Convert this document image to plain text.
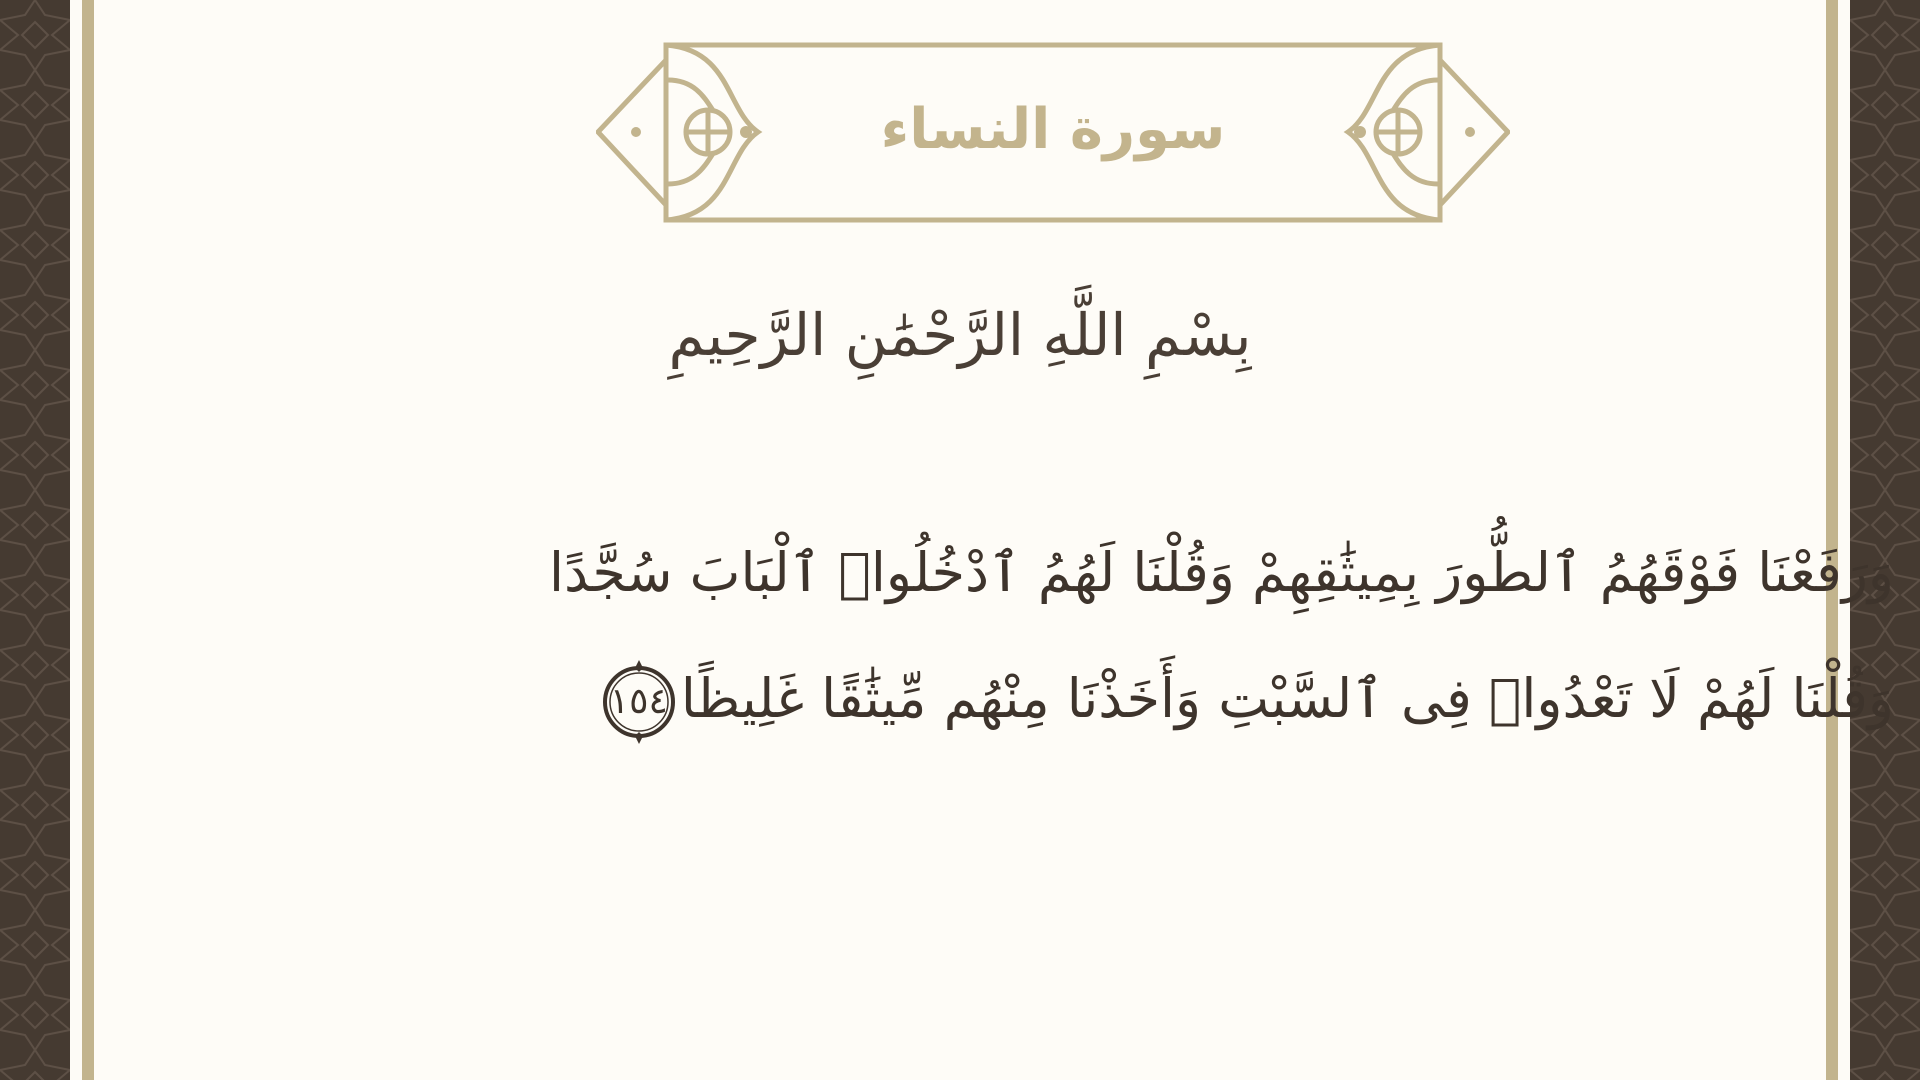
سورة النساء
بِسْمِ اللَّهِ الرَّحْمَٰنِ الرَّحِيمِ
وَرَفَعْنَا فَوْقَهُمُ ٱلطُّورَ بِمِيثَٰقِهِمْ وَقُلْنَا لَهُمُ ٱدْخُلُوا۟ ٱلْبَابَ سُجَّدًا
وَقُلْنَا لَهُمْ لَا تَعْدُوا۟ فِى ٱلسَّبْتِ وَأَخَذْنَا مِنْهُم مِّيثَٰقًا غَلِيظًا
١٥٤
